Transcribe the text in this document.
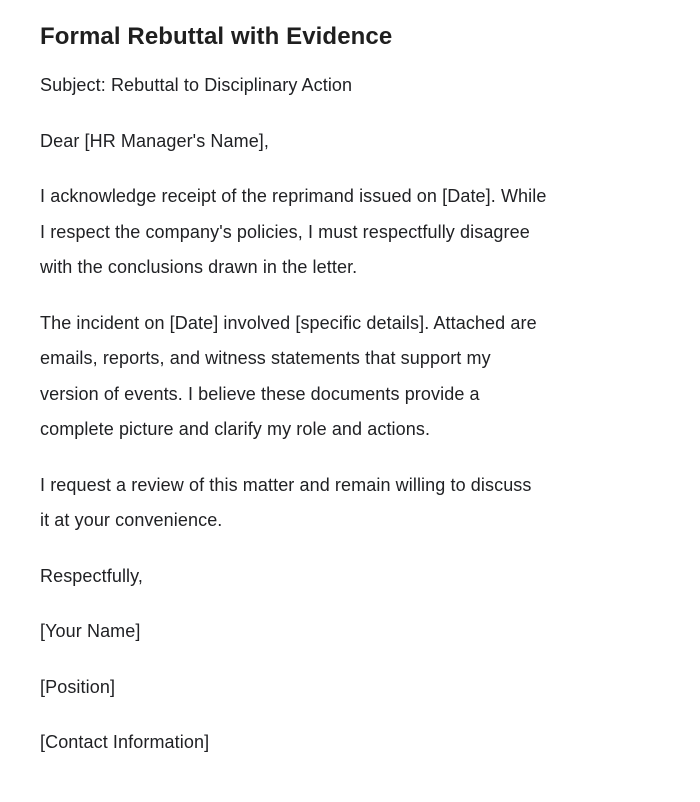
Formal Rebuttal with Evidence

Subject: Rebuttal to Disciplinary Action

Dear [HR Manager's Name],

I acknowledge receipt of the reprimand issued on [Date]. While
I respect the company's policies, I must respectfully disagree
with the conclusions drawn in the letter.

The incident on [Date] involved [specific details]. Attached are
emails, reports, and witness statements that support my
version of events. I believe these documents provide a
complete picture and clarify my role and actions.

I request a review of this matter and remain willing to discuss
it at your convenience.

Respectfully,

[Your Name]

[Position]

[Contact Information]
